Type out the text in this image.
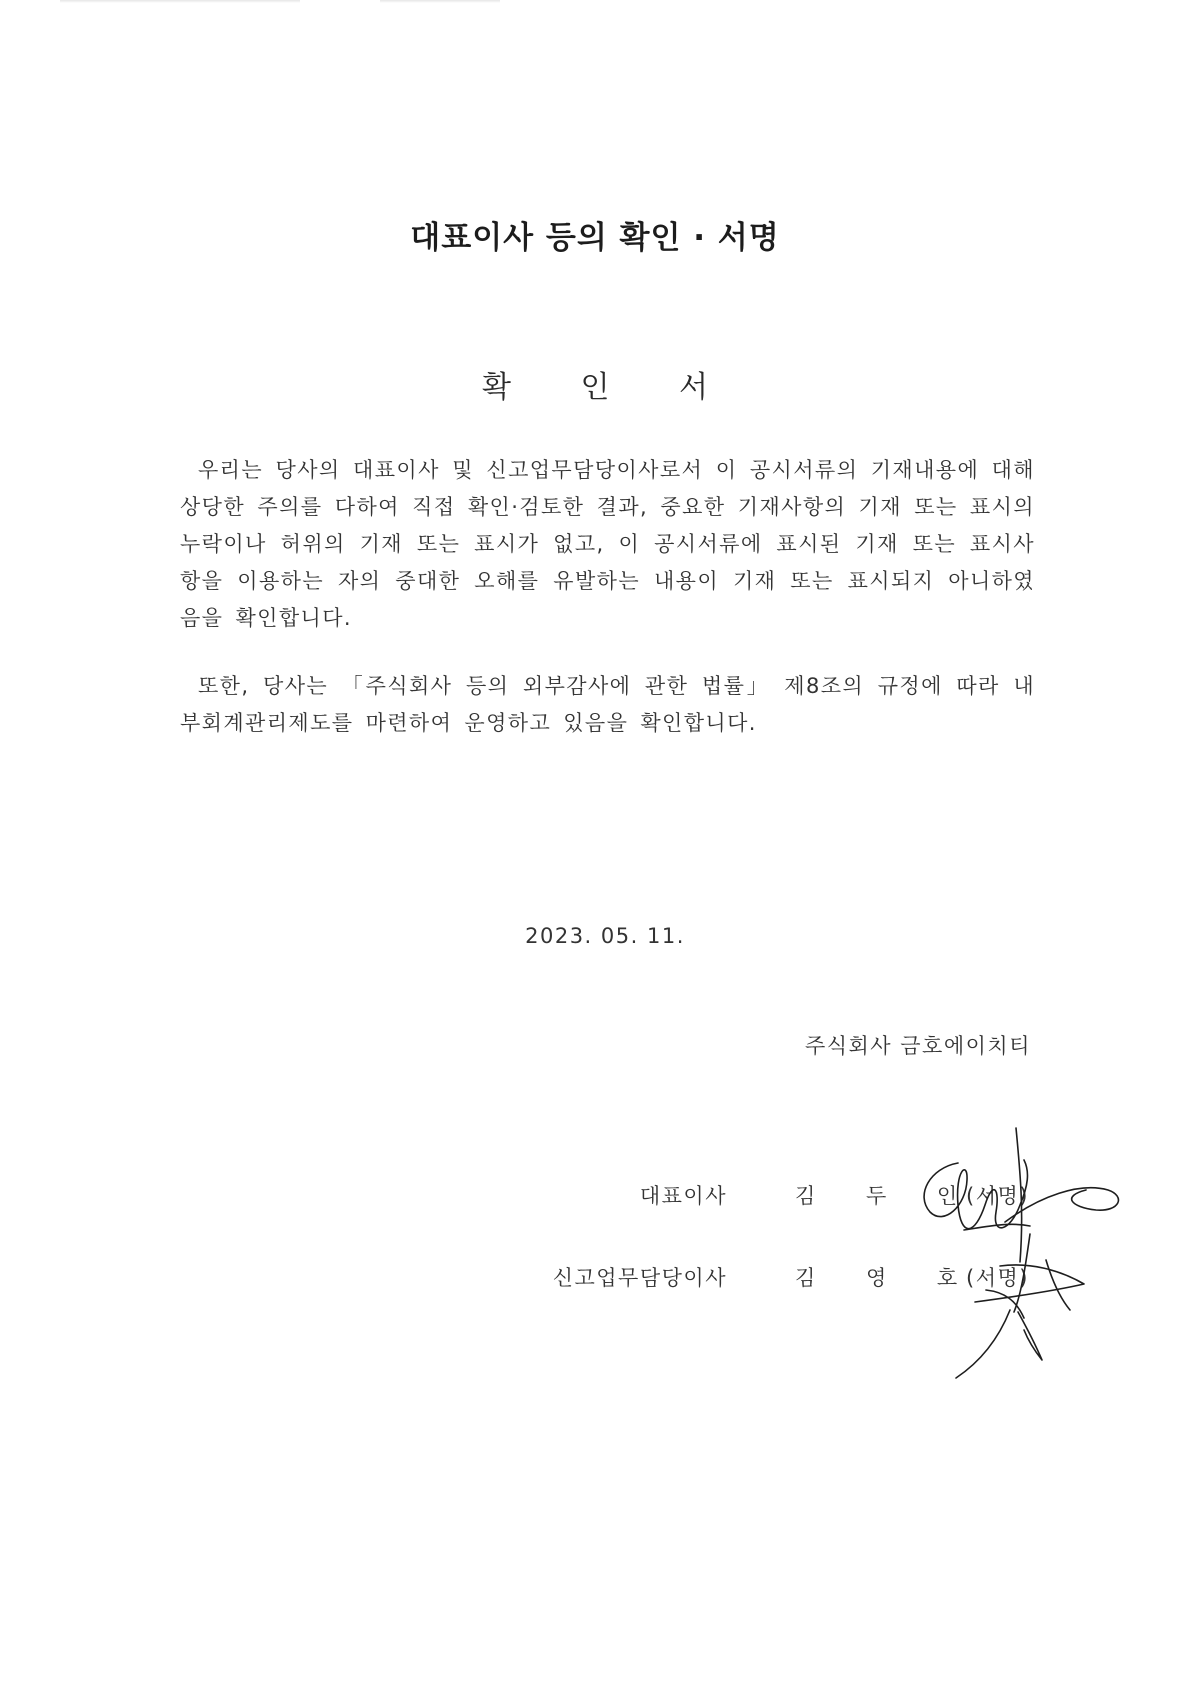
대표이사 등의 확인 · 서명
확 인 서

우리는 당사의 대표이사 및 신고업무담당이사로서 이 공시서류의 기재내용에 대해 상당한 주의를 다하여 직접 확인·검토한 결과, 중요한 기재사항의 기재 또는 표시의 누락이나 허위의 기재 또는 표시가 없고, 이 공시서류에 표시된 기재 또는 표시사항을 이용하는 자의 중대한 오해를 유발하는 내용이 기재 또는 표시되지 아니하였음을 확인합니다.

또한, 당사는 「주식회사 등의 외부감사에 관한 법률」 제8조의 규정에 따라 내부회계관리제도를 마련하여 운영하고 있음을 확인합니다.

2023. 05. 11.
주식회사 금호에이치티
대표이사	김 두 인
(서명)
신고업무담당이사	김 영 호
(서명)
